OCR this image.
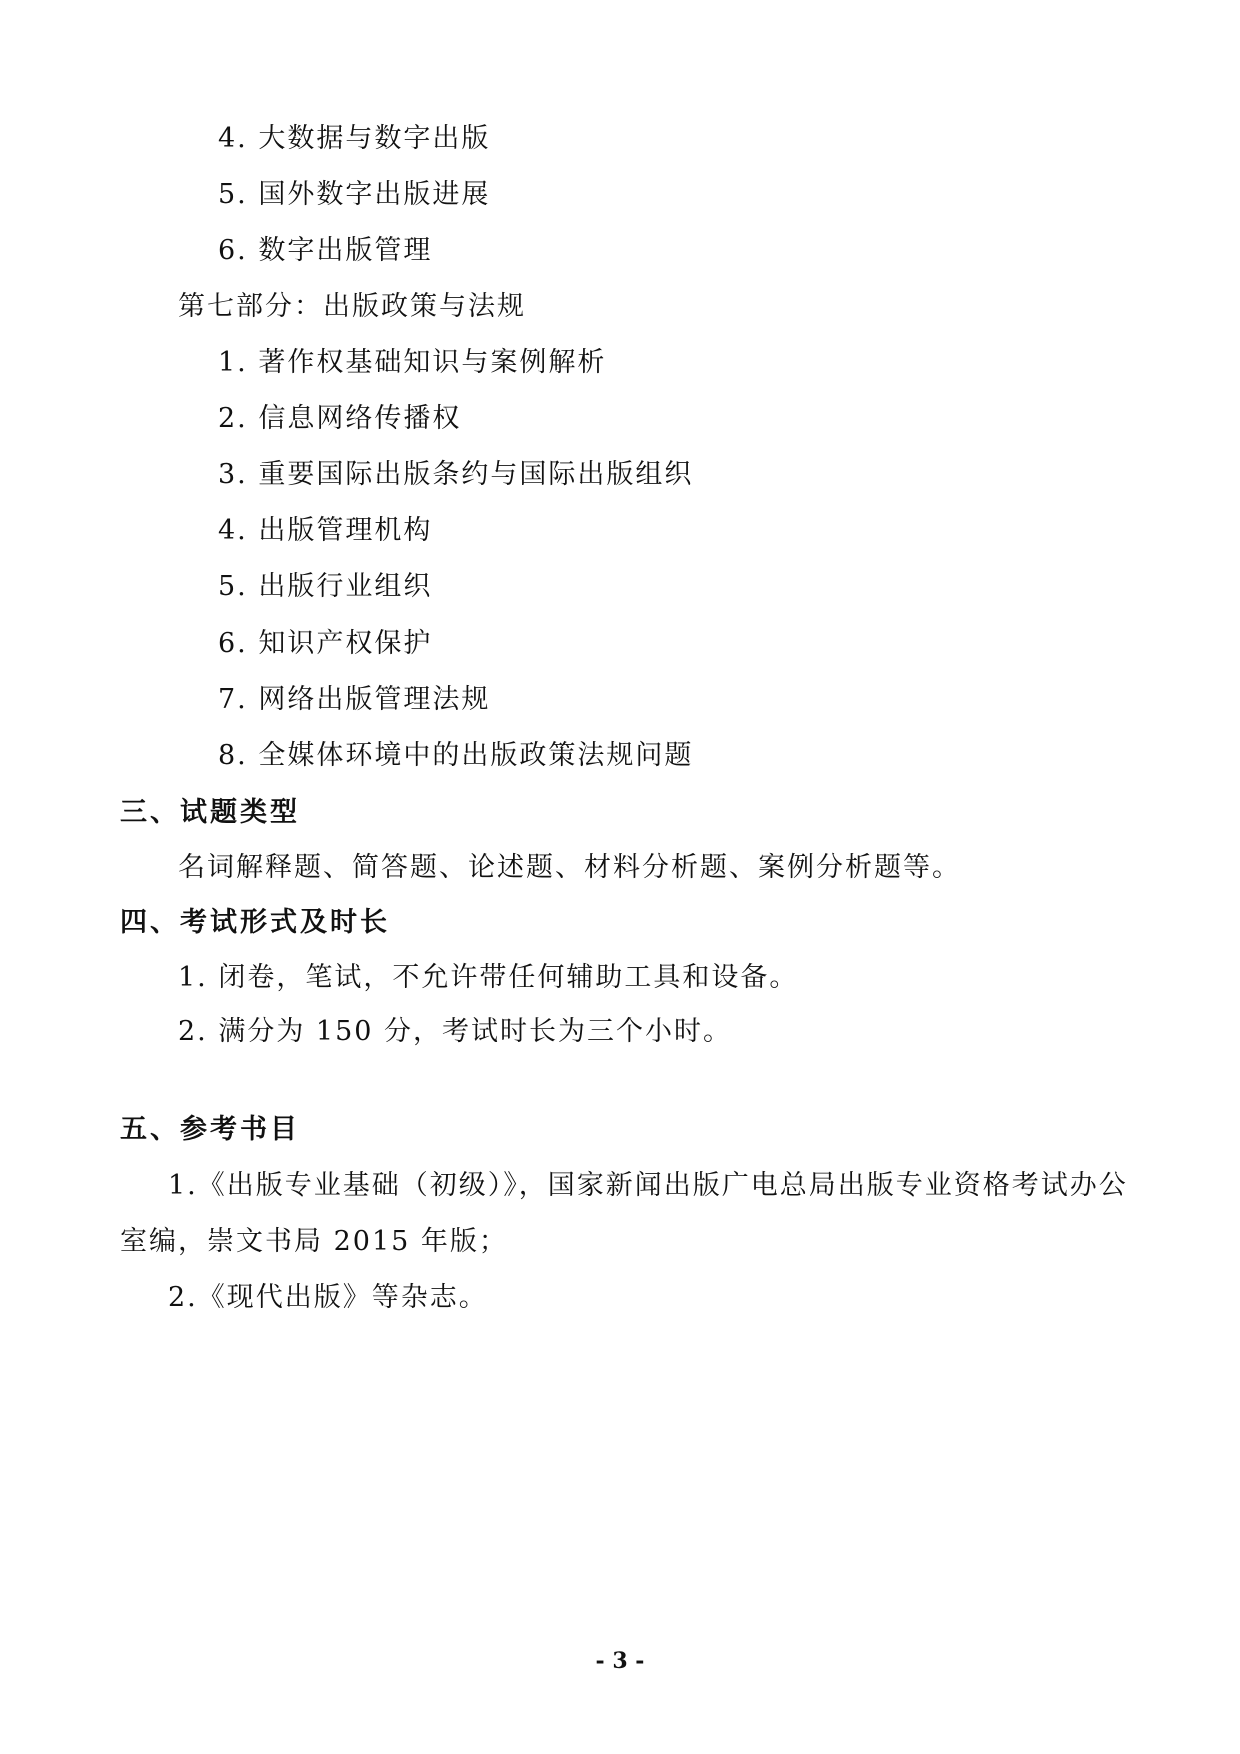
4. 大数据与数字出版
5. 国外数字出版进展
6. 数字出版管理
第七部分：出版政策与法规
1. 著作权基础知识与案例解析
2. 信息网络传播权
3. 重要国际出版条约与国际出版组织
4. 出版管理机构
5. 出版行业组织
6. 知识产权保护
7. 网络出版管理法规
8. 全媒体环境中的出版政策法规问题
三、试题类型
名词解释题、简答题、论述题、材料分析题、案例分析题等。
四、考试形式及时长
1. 闭卷，笔试，不允许带任何辅助工具和设备。
2. 满分为 150 分，考试时长为三个小时。
五、参考书目
1.《出版专业基础（初级）》，国家新闻出版广电总局出版专业资格考试办公
室编，崇文书局 2015 年版；
2.《现代出版》等杂志。
- 3 -
